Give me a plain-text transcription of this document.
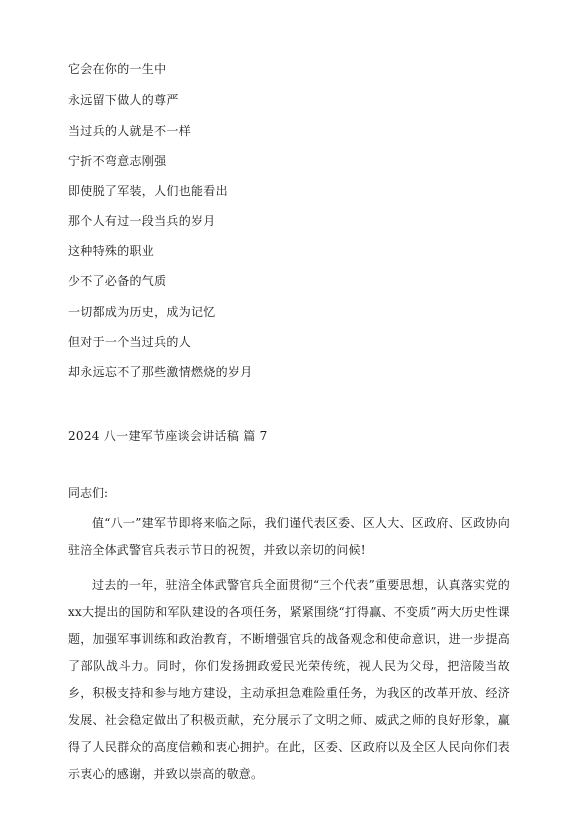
它会在你的一生中
永远留下做人的尊严
当过兵的人就是不一样
宁折不弯意志刚强
即使脱了军装，人们也能看出
那个人有过一段当兵的岁月
这种特殊的职业
少不了必备的气质
一切都成为历史，成为记忆
但对于一个当过兵的人
却永远忘不了那些激情燃烧的岁月
2024 八一建军节座谈会讲话稿 篇 7
同志们:

值“八一”建军节即将来临之际，我们谨代表区委、区人大、区政府、区政协向驻涪全体武警官兵表示节日的祝贺，并致以亲切的问候!

过去的一年，驻涪全体武警官兵全面贯彻“三个代表”重要思想，认真落实党的xx大提出的国防和军队建设的各项任务，紧紧围绕“打得赢、不变质”两大历史性课题，加强军事训练和政治教育，不断增强官兵的战备观念和使命意识，进一步提高了部队战斗力。同时，你们发扬拥政爱民光荣传统，视人民为父母，把涪陵当故乡，积极支持和参与地方建设，主动承担急难险重任务，为我区的改革开放、经济发展、社会稳定做出了积极贡献，充分展示了文明之师、威武之师的良好形象，赢得了人民群众的高度信赖和衷心拥护。在此，区委、区政府以及全区人民向你们表示衷心的感谢，并致以崇高的敬意。
